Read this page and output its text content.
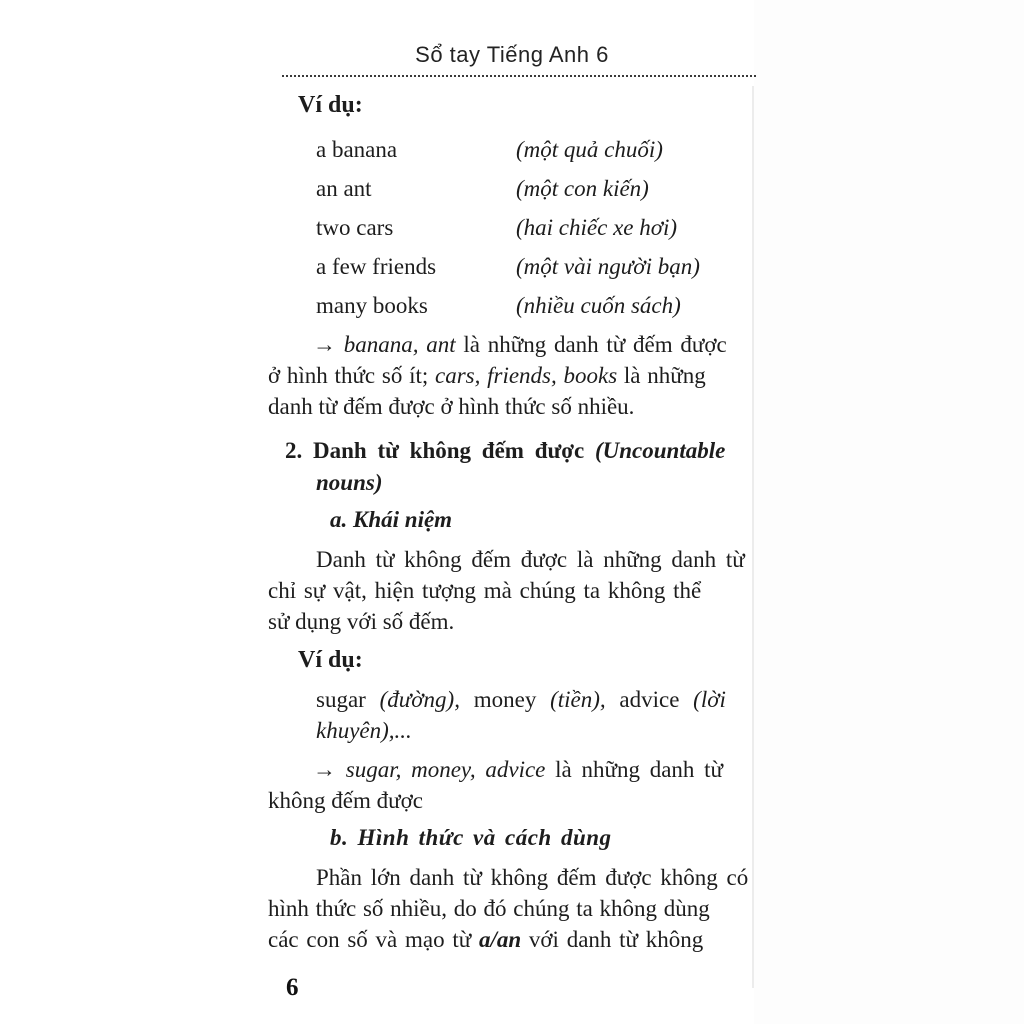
Sổ tay Tiếng Anh 6
Ví dụ:
a banana	(một quả chuối)
an ant	(một con kiến)
two cars	(hai chiếc xe hơi)
a few friends	(một vài người bạn)
many books	(nhiều cuốn sách)
→ banana, ant là những danh từ đếm được
ở hình thức số ít; cars, friends, books là những
danh từ đếm được ở hình thức số nhiều.
2. Danh từ không đếm được (Uncountable
nouns)
a. Khái niệm
Danh từ không đếm được là những danh từ
chỉ sự vật, hiện tượng mà chúng ta không thể
sử dụng với số đếm.
Ví dụ:
sugar (đường), money (tiền), advice (lời
khuyên),...
→ sugar, money, advice là những danh từ
không đếm được
b. Hình thức và cách dùng
Phần lớn danh từ không đếm được không có
hình thức số nhiều, do đó chúng ta không dùng
các con số và mạo từ a/an với danh từ không
6
